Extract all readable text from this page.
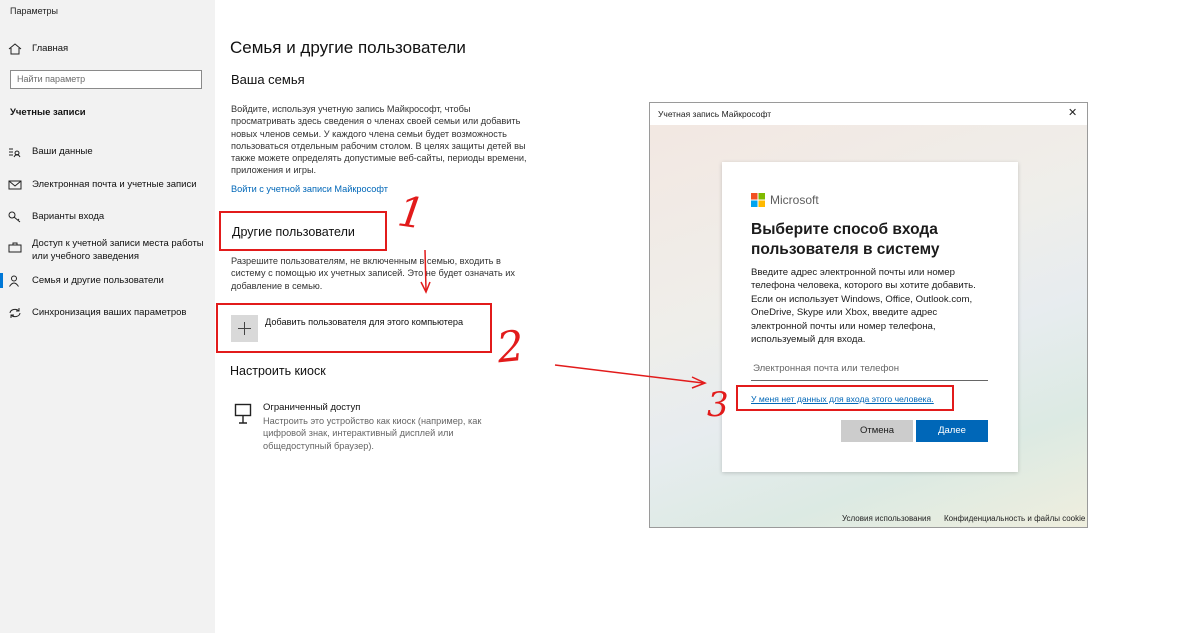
Параметры
Главная
Найти параметр
Учетные записи
Ваши данные
Электронная почта и учетные записи
Варианты входа
Доступ к учетной записи места работы
или учебного заведения
Семья и другие пользователи
Синхронизация ваших параметров
Семья и другие пользователи
Ваша семья
Войдите, используя учетную запись Майкрософт, чтобы
просматривать здесь сведения о членах своей семьи или добавить
новых членов семьи. У каждого члена семьи будет возможность
пользоваться отдельным рабочим столом. В целях защиты детей вы
также можете определять допустимые веб-сайты, периоды времени,
приложения и игры.
Войти с учетной записи Майкрософт
Другие пользователи
Разрешите пользователям, не включенным в семью, входить в
систему с помощью их учетных записей. Это не будет означать их
добавление в семью.
Добавить пользователя для этого компьютера
Настроить киоск
Ограниченный доступ
Настроить это устройство как киоск (например, как
цифровой знак, интерактивный дисплей или
общедоступный браузер).
Учетная запись Майкрософт	✕
Microsoft
Выберите способ входа
пользователя в систему
Введите адрес электронной почты или номер
телефона человека, которого вы хотите добавить.
Если он использует Windows, Office, Outlook.com,
OneDrive, Skype или Xbox, введите адрес
электронной почты или номер телефона,
используемый для входа.
Электронная почта или телефон
У меня нет данных для входа этого человека.
Отмена	Далее
Условия использования Конфиденциальность и файлы cookie
1
2
3
